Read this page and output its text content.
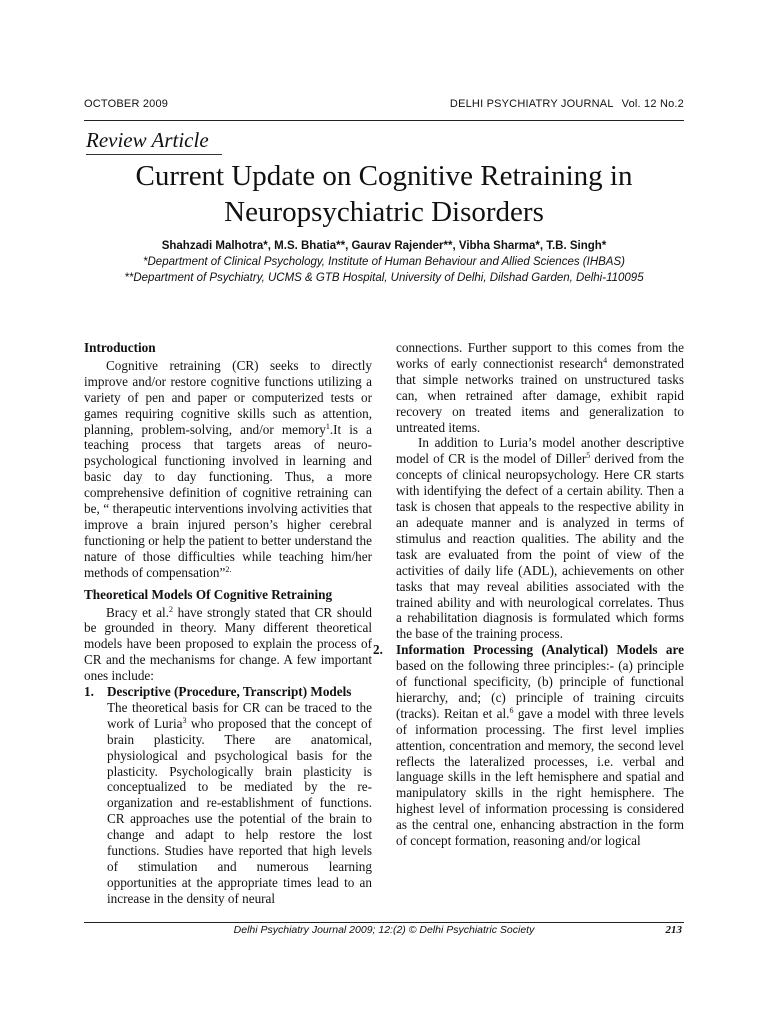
OCTOBER 2009	DELHI PSYCHIATRY JOURNAL Vol. 12 No.2
Review Article
Current Update on Cognitive Retraining in
Neuropsychiatric Disorders
Shahzadi Malhotra*, M.S. Bhatia**, Gaurav Rajender**, Vibha Sharma*, T.B. Singh*
*Department of Clinical Psychology, Institute of Human Behaviour and Allied Sciences (IHBAS)
**Department of Psychiatry, UCMS & GTB Hospital, University of Delhi, Dilshad Garden, Delhi-110095
Introduction

Cognitive retraining (CR) seeks to directly improve and/or restore cognitive functions utilizing a variety of pen and paper or computerized tests or games requiring cognitive skills such as attention, planning, problem-solving, and/or memory$^1$.It is a teaching process that targets areas of neuro-psychological functioning involved in learning and basic day to day functioning. Thus, a more comprehensive definition of cognitive retraining can be, “ therapeutic interventions involving activities that improve a brain injured person’s higher cerebral functioning or help the patient to better understand the nature of those difficulties while teaching him/her methods of compensation”$^{2.}$

Theoretical Models Of Cognitive Retraining

Bracy et al.$^2$ have strongly stated that CR should be grounded in theory. Many different theoretical models have been proposed to explain the process of CR and the mechanisms for change. A few important ones include:

1. Descriptive (Procedure, Transcript) Models

The theoretical basis for CR can be traced to the work of Luria$^3$ who proposed that the concept of brain plasticity. There are anatomical, physiological and psychological basis for the plasticity. Psychologically brain plasticity is conceptualized to be mediated by the re-organization and re-establishment of functions. CR approaches use the potential of the brain to change and adapt to help restore the lost functions. Studies have reported that high levels of stimulation and numerous learning opportunities at the appropriate times lead to an increase in the density of neural

connections. Further support to this comes from the works of early connectionist research$^4$ demonstrated that simple networks trained on unstructured tasks can, when retrained after damage, exhibit rapid recovery on treated items and generalization to untreated items.

In addition to Luria’s model another descriptive model of CR is the model of Diller$^5$ derived from the concepts of clinical neuropsychology. Here CR starts with identifying the defect of a certain ability. Then a task is chosen that appeals to the respective ability in an adequate manner and is analyzed in terms of stimulus and reaction qualities. The ability and the task are evaluated from the point of view of the activities of daily life (ADL), achievements on other tasks that may reveal abilities associated with the trained ability and with neurological correlates. Thus a rehabilitation diagnosis is formulated which forms the base of the training process.

2. Information Processing (Analytical) Models are based on the following three principles:- (a) principle of functional specificity, (b) principle of functional hierarchy, and; (c) principle of training circuits (tracks). Reitan et al.$^6$ gave a model with three levels of information processing. The first level implies attention, concentration and memory, the second level reflects the lateralized processes, i.e. verbal and language skills in the left hemisphere and spatial and manipulatory skills in the right hemisphere. The highest level of information processing is considered as the central one, enhancing abstraction in the form of concept formation, reasoning and/or logical

Delhi Psychiatry Journal 2009; 12:(2) © Delhi Psychiatric Society	213
